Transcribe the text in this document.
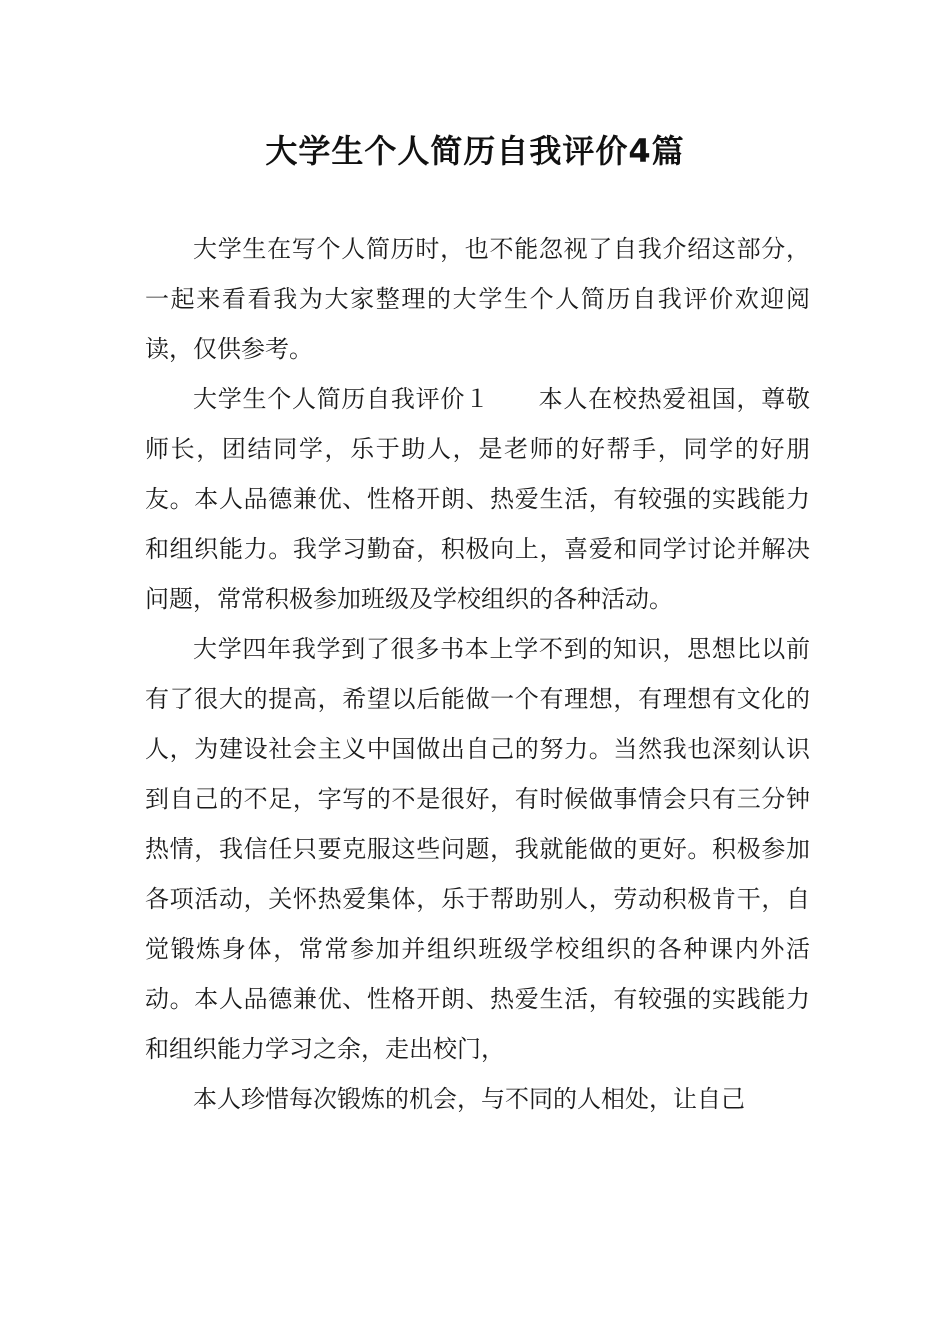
大学生个人简历自我评价4篇

大学生在写个人简历时，也不能忽视了自我介绍这部分，一起来看看我为大家整理的大学生个人简历自我评价欢迎阅读，仅供参考。

大学生个人简历自我评价１ 本人在校热爱祖国，尊敬师长，团结同学，乐于助人，是老师的好帮手，同学的好朋友。本人品德兼优、性格开朗、热爱生活，有较强的实践能力和组织能力。我学习勤奋，积极向上，喜爱和同学讨论并解决问题，常常积极参加班级及学校组织的各种活动。

大学四年我学到了很多书本上学不到的知识，思想比以前有了很大的提高，希望以后能做一个有理想，有理想有文化的人，为建设社会主义中国做出自己的努力。当然我也深刻认识到自己的不足，字写的不是很好，有时候做事情会只有三分钟热情，我信任只要克服这些问题，我就能做的更好。积极参加各项活动，关怀热爱集体，乐于帮助别人，劳动积极肯干，自觉锻炼身体，常常参加并组织班级学校组织的各种课内外活动。本人品德兼优、性格开朗、热爱生活，有较强的实践能力和组织能力学习之余，走出校门，

本人珍惜每次锻炼的机会，与不同的人相处，让自己
